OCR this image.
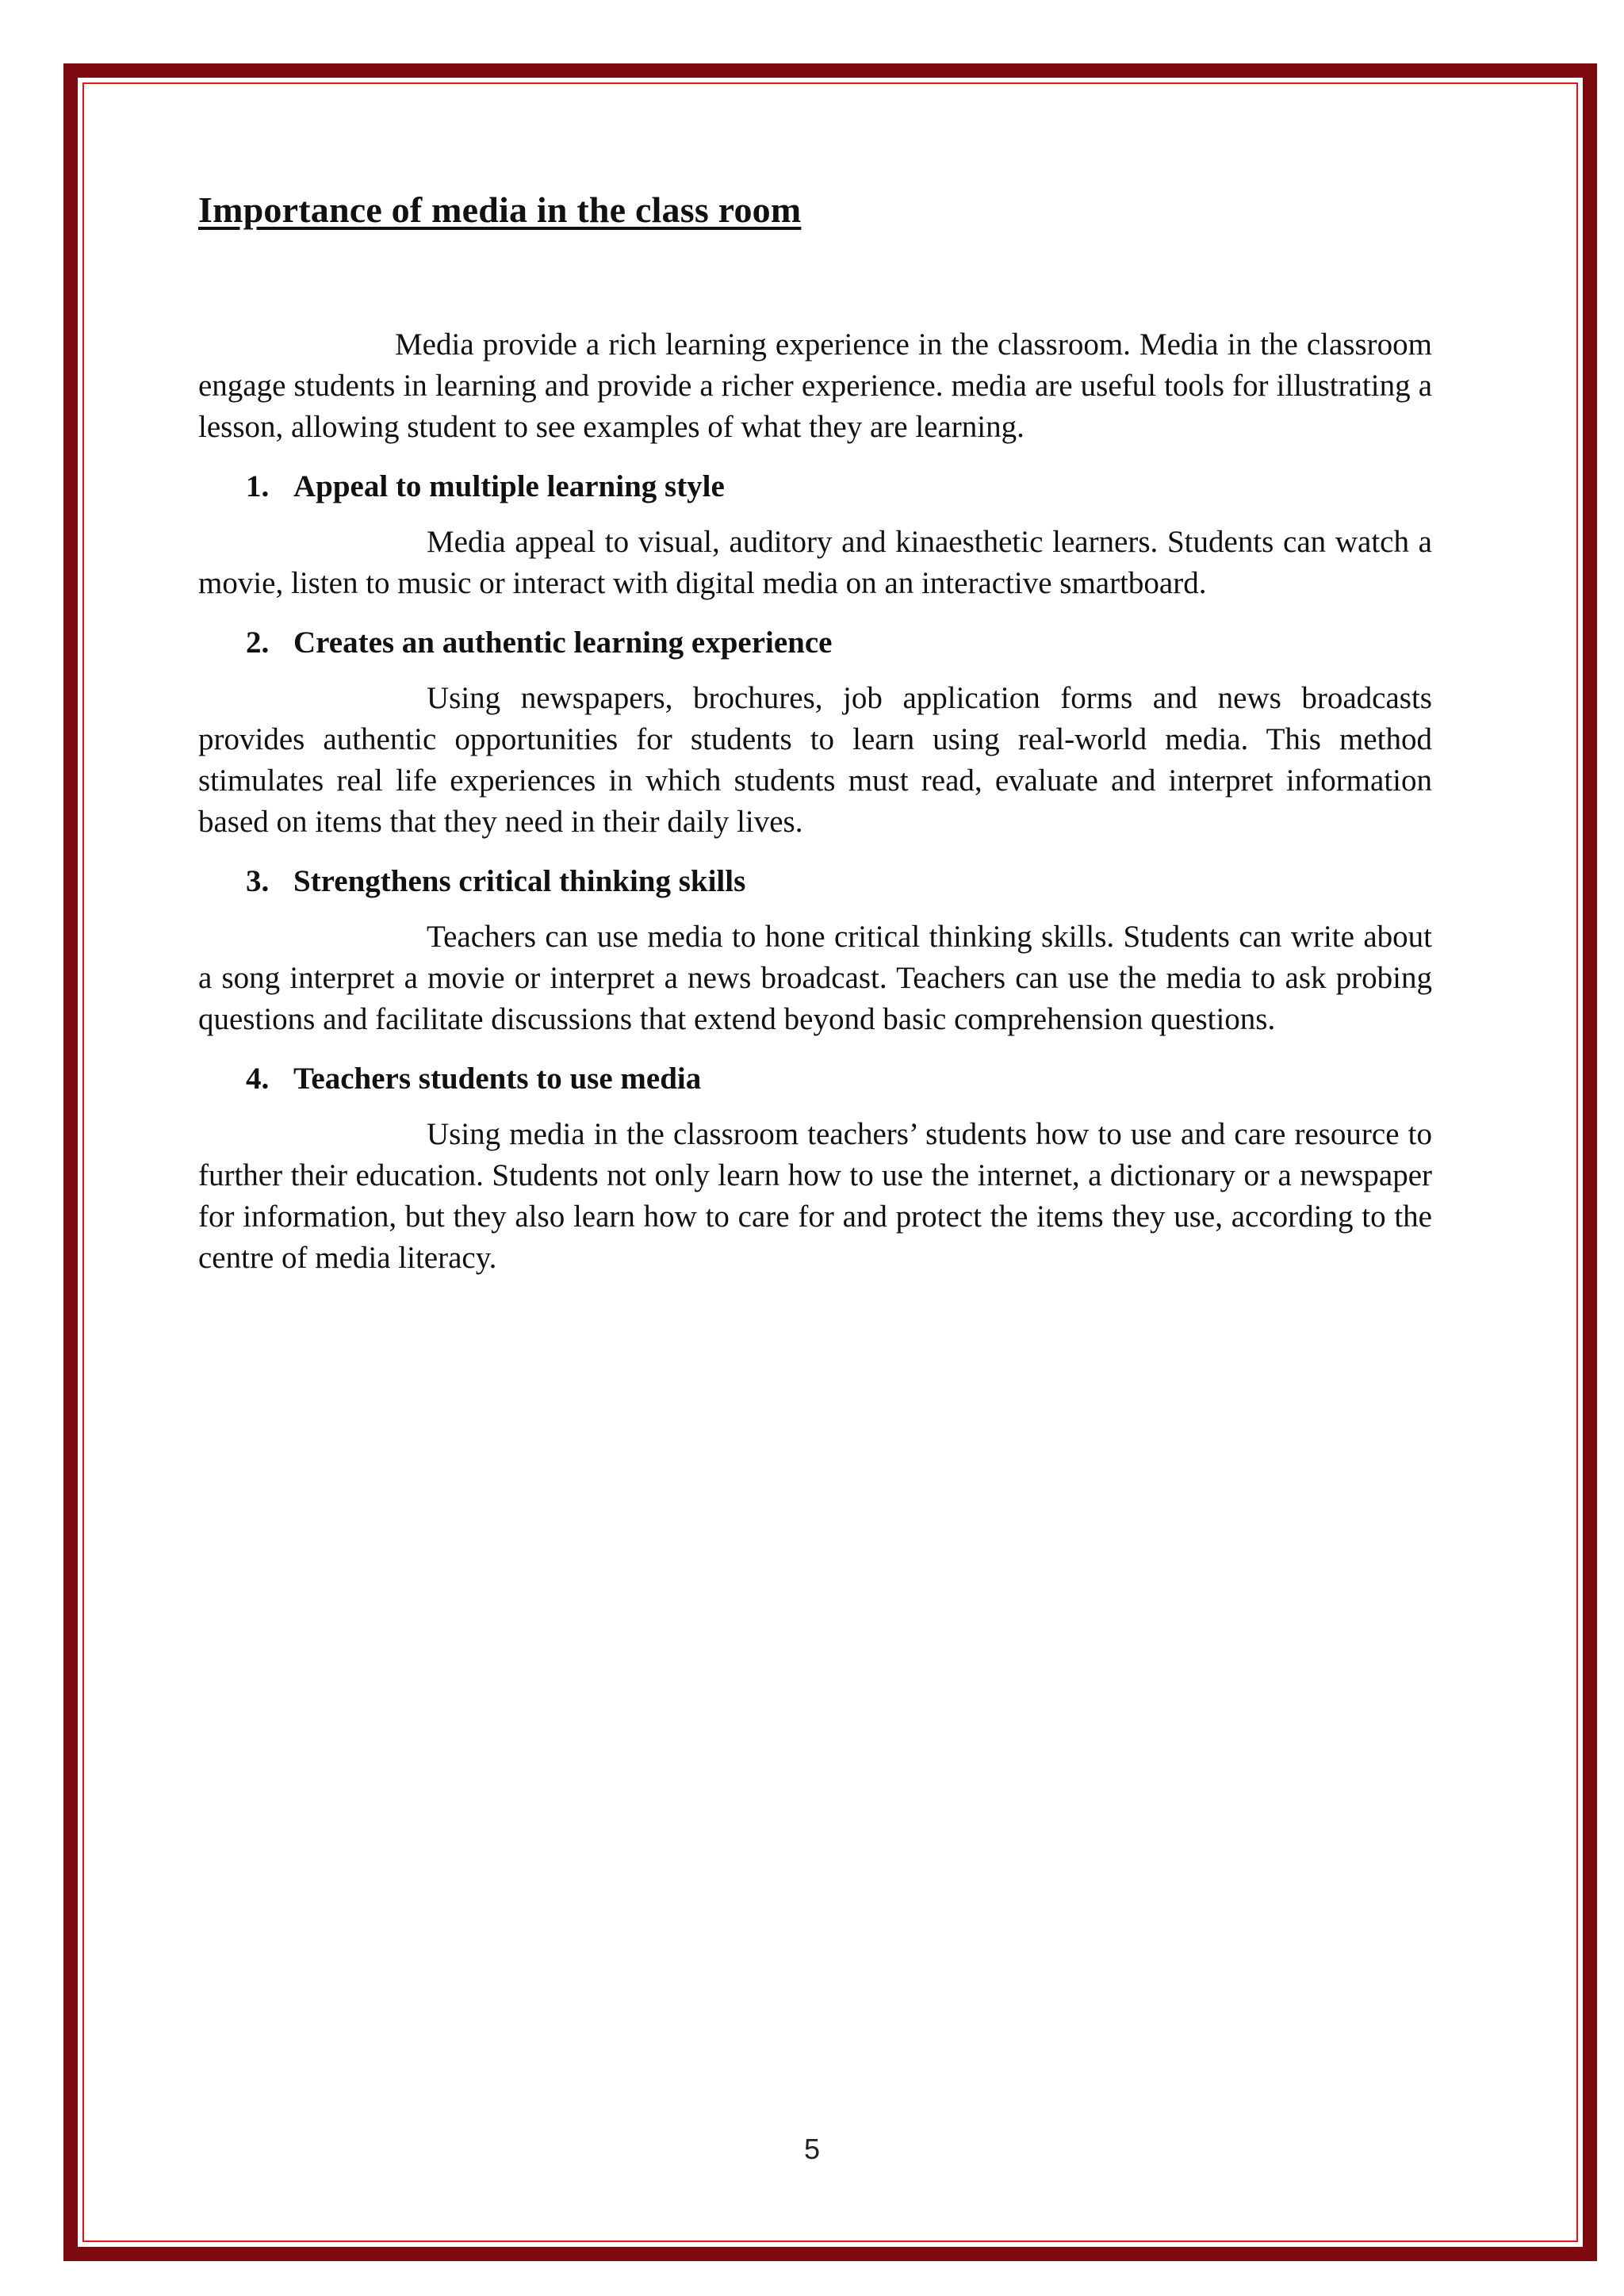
Importance of media in the class room

Media provide a rich learning experience in the classroom. Media in the classroom engage students in learning and provide a richer experience. media are useful tools for illustrating a lesson, allowing student to see examples of what they are learning.

1. Appeal to multiple learning style

Media appeal to visual, auditory and kinaesthetic learners. Students can watch a movie, listen to music or interact with digital media on an interactive smartboard.

2. Creates an authentic learning experience

Using newspapers, brochures, job application forms and news broadcasts provides authentic opportunities for students to learn using real-world media. This method stimulates real life experiences in which students must read, evaluate and interpret information based on items that they need in their daily lives.

3. Strengthens critical thinking skills

Teachers can use media to hone critical thinking skills. Students can write about a song interpret a movie or interpret a news broadcast. Teachers can use the media to ask probing questions and facilitate discussions that extend beyond basic comprehension questions.

4. Teachers students to use media

Using media in the classroom teachers’ students how to use and care resource to further their education. Students not only learn how to use the internet, a dictionary or a newspaper for information, but they also learn how to care for and protect the items they use, according to the centre of media literacy.

5
